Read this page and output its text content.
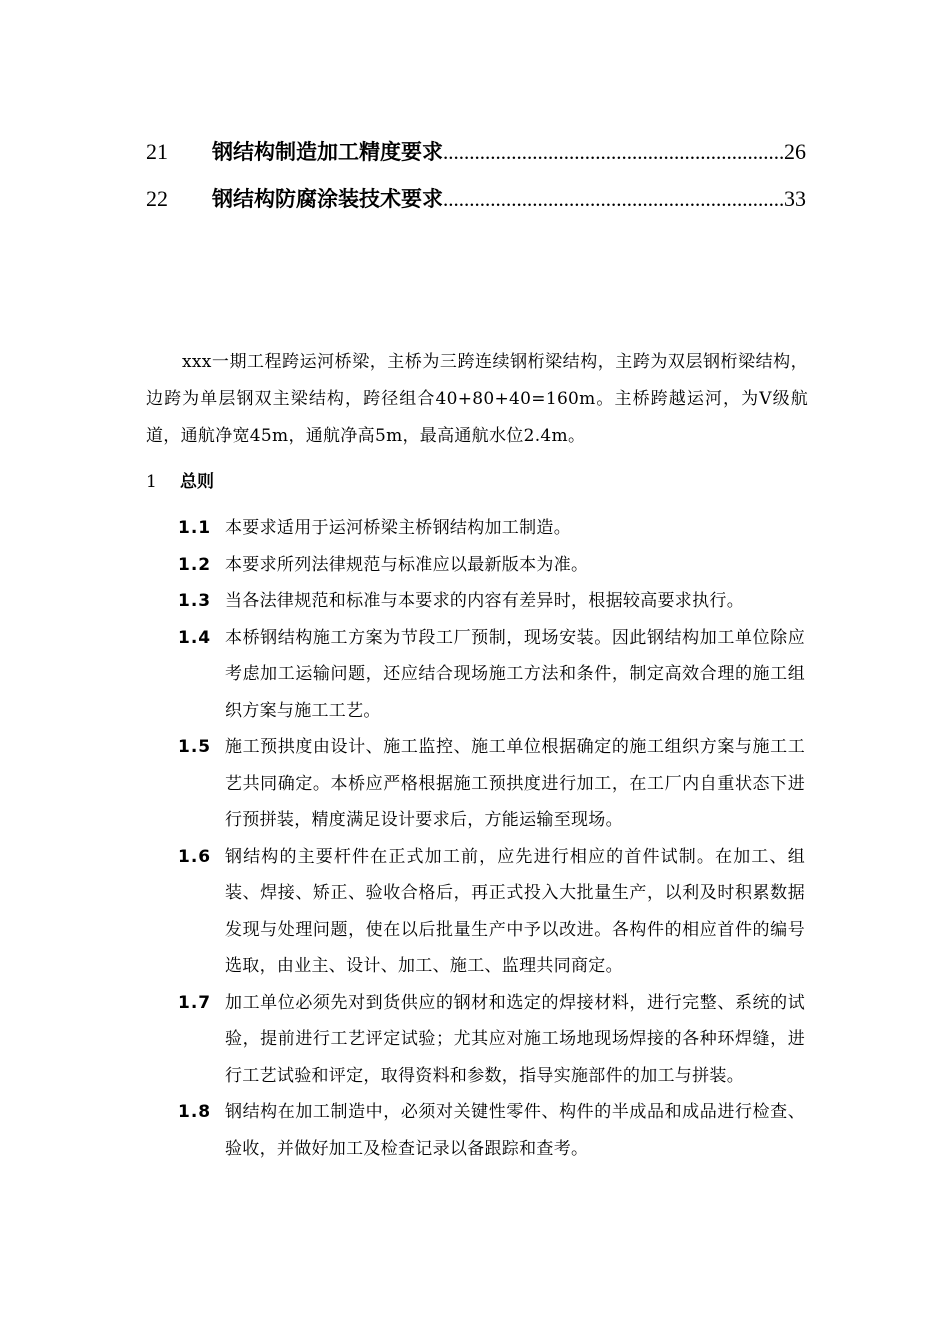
21	钢结构制造加工精度要求 .....	26
22	钢结构防腐涂装技术要求 .....	33

xxx一期工程跨运河桥梁，主桥为三跨连续钢桁梁结构，主跨为双层钢桁梁结构，边跨为单层钢双主梁结构，跨径组合40+80+40=160m。主桥跨越运河，为Ⅴ级航道，通航净宽45m，通航净高5m，最高通航水位2.4m。

1	总则
1.1 本要求适用于运河桥梁主桥钢结构加工制造。
1.2 本要求所列法律规范与标准应以最新版本为准。
1.3 当各法律规范和标准与本要求的内容有差异时，根据较高要求执行。
1.4 本桥钢结构施工方案为节段工厂预制，现场安装。因此钢结构加工单位除应考虑加工运输问题，还应结合现场施工方法和条件，制定高效合理的施工组织方案与施工工艺。
1.5 施工预拱度由设计、施工监控、施工单位根据确定的施工组织方案与施工工艺共同确定。本桥应严格根据施工预拱度进行加工，在工厂内自重状态下进行预拼装，精度满足设计要求后，方能运输至现场。
1.6 钢结构的主要杆件在正式加工前，应先进行相应的首件试制。在加工、组装、焊接、矫正、验收合格后，再正式投入大批量生产，以利及时积累数据发现与处理问题，使在以后批量生产中予以改进。各构件的相应首件的编号选取，由业主、设计、加工、施工、监理共同商定。
1.7 加工单位必须先对到货供应的钢材和选定的焊接材料，进行完整、系统的试验，提前进行工艺评定试验；尤其应对施工场地现场焊接的各种环焊缝，进行工艺试验和评定，取得资料和参数，指导实施部件的加工与拼装。
1.8 钢结构在加工制造中，必须对关键性零件、构件的半成品和成品进行检查、验收，并做好加工及检查记录以备跟踪和查考。
